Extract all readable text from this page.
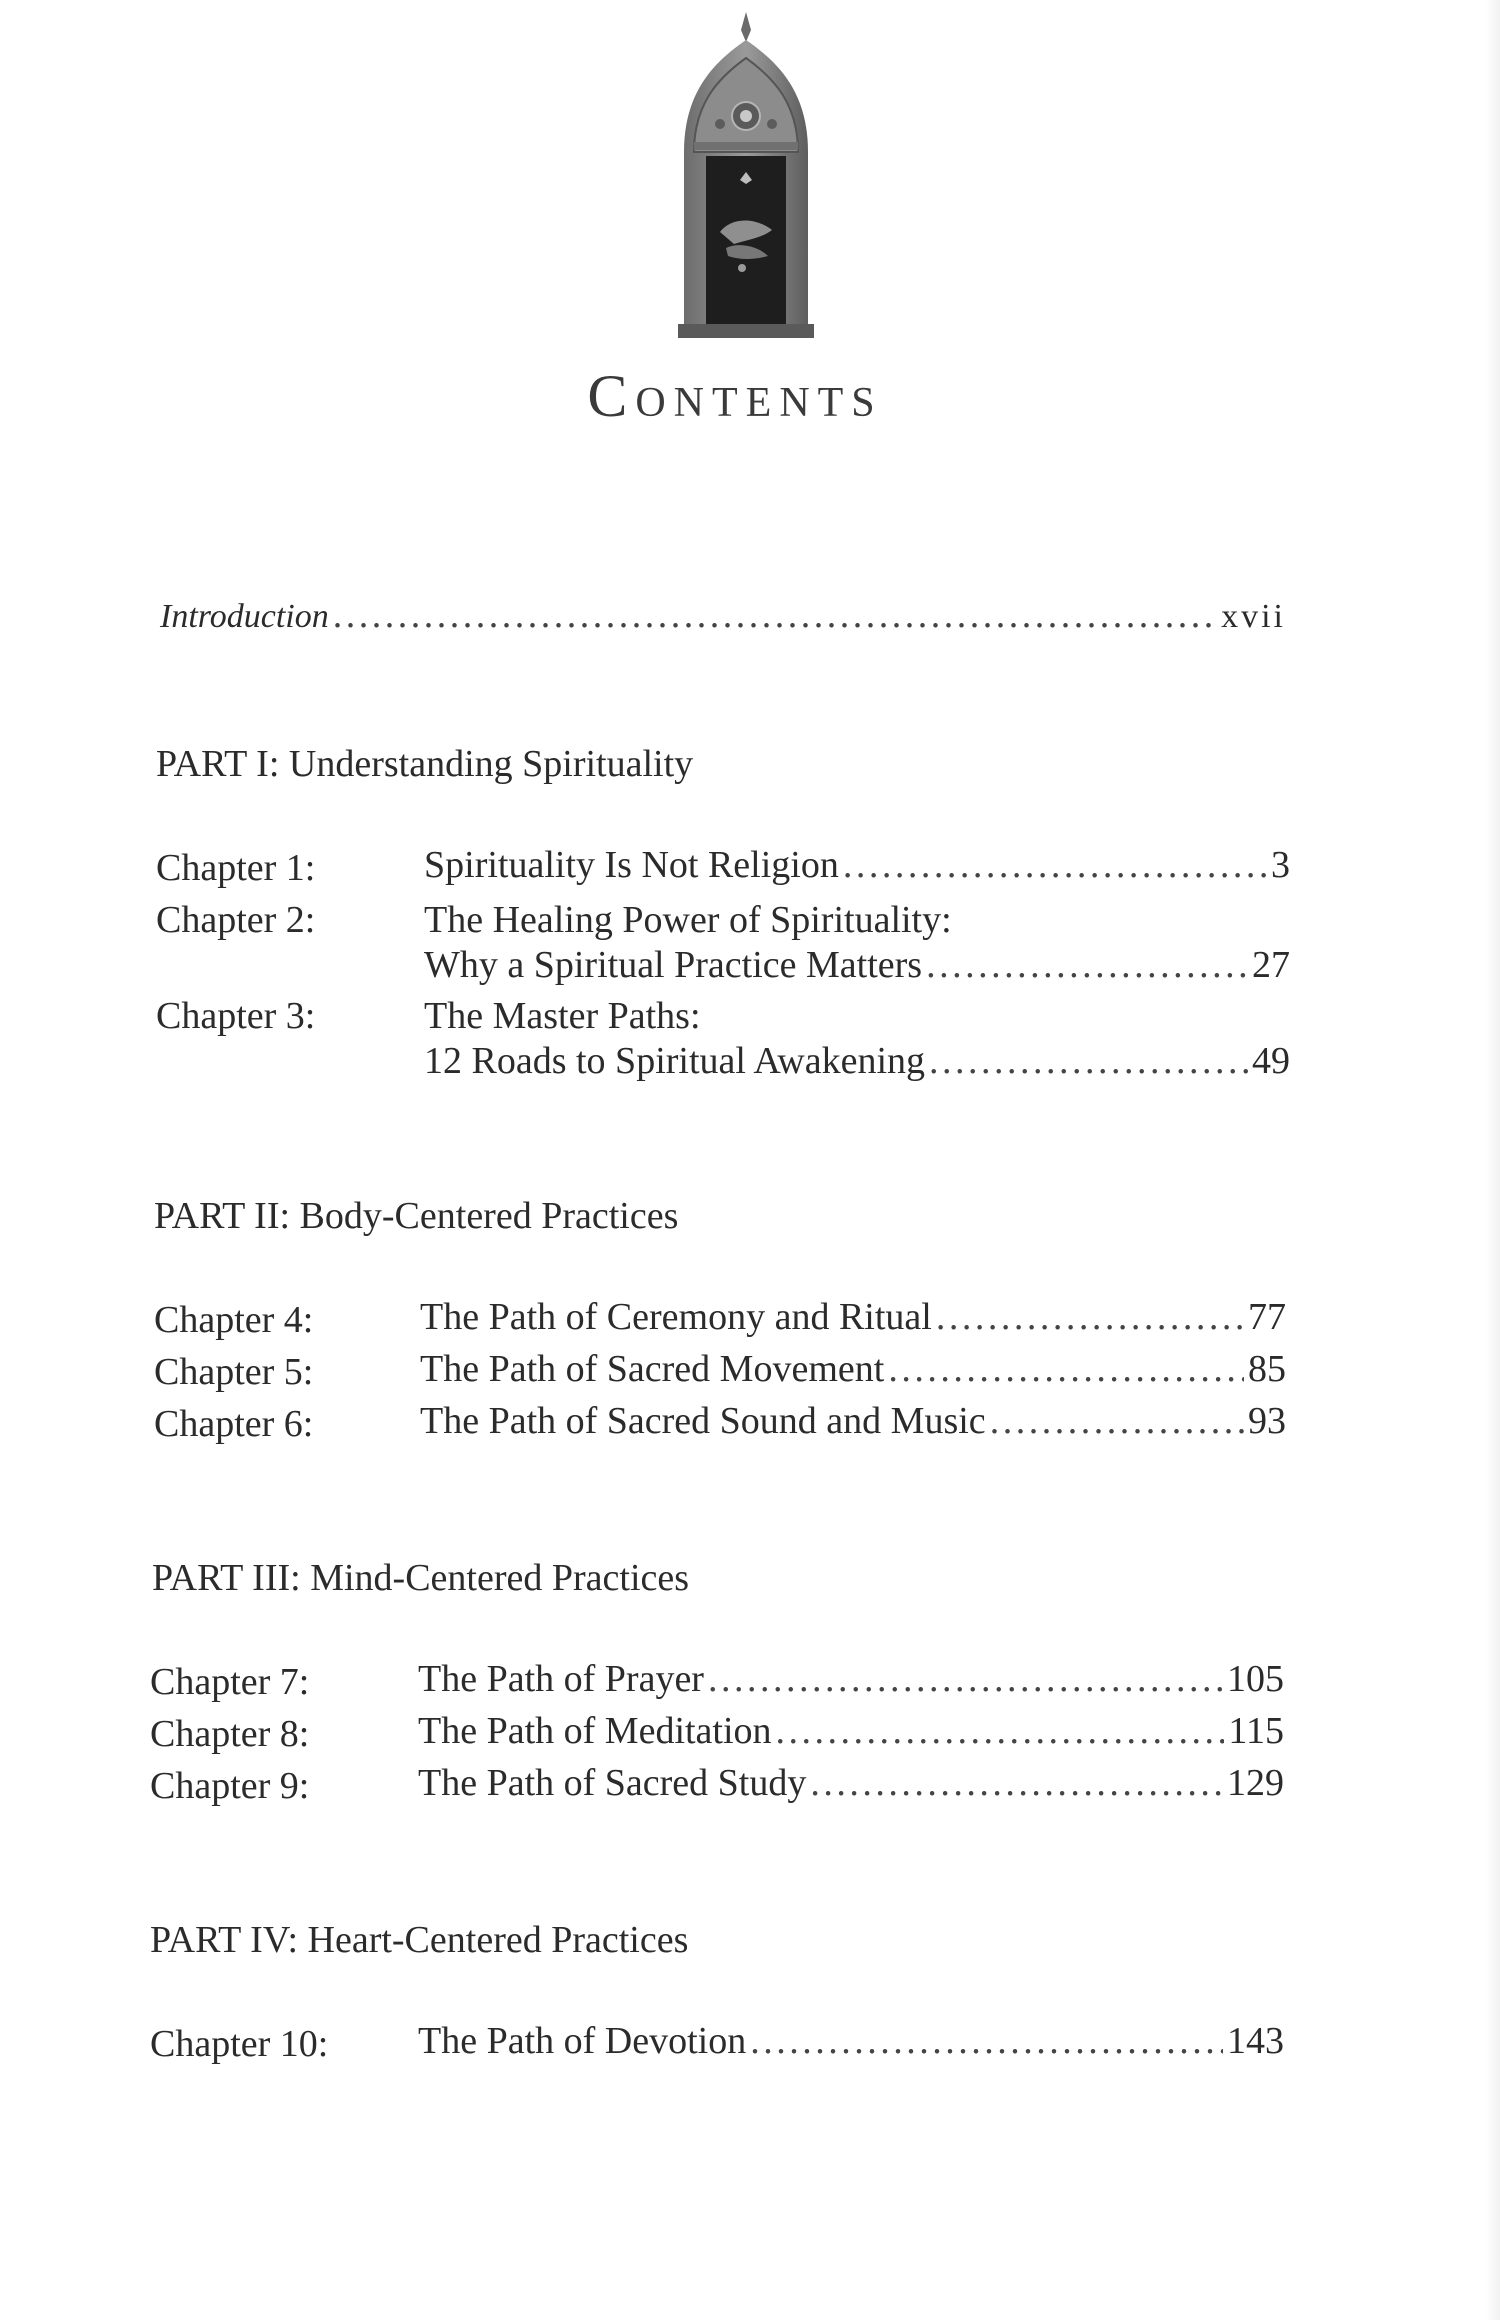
Contents
Introduction . . .	xvii
PART I: Understanding Spirituality
Chapter 1:	Spirituality Is Not Religion . . .	3
Chapter 2:	The Healing Power of Spirituality:
Why a Spiritual Practice Matters . . .	27
Chapter 3:	The Master Paths:
12 Roads to Spiritual Awakening . . .	49
PART II: Body-Centered Practices
Chapter 4:	The Path of Ceremony and Ritual . . .	77
Chapter 5:	The Path of Sacred Movement . . .	85
Chapter 6:	The Path of Sacred Sound and Music . . .	93
PART III: Mind-Centered Practices
Chapter 7:	The Path of Prayer . . .	105
Chapter 8:	The Path of Meditation . . .	115
Chapter 9:	The Path of Sacred Study . . .	129
PART IV: Heart-Centered Practices
Chapter 10: The Path of Devotion . . .	143
